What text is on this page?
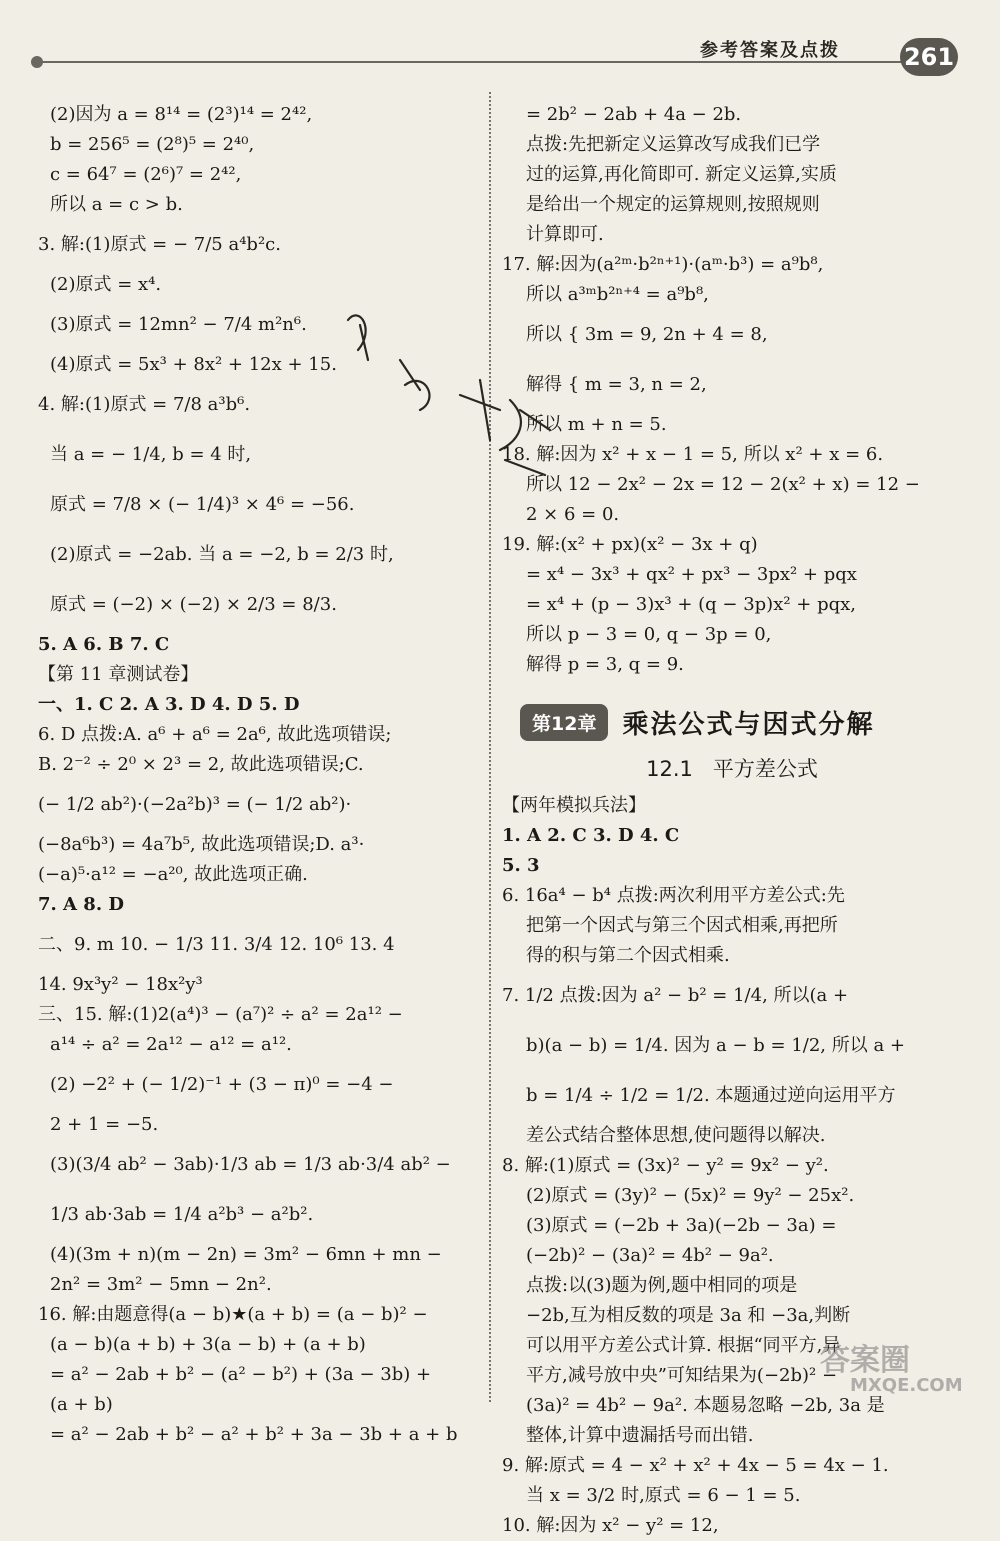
参考答案及点拨	261
(2)因为 a = 8¹⁴ = (2³)¹⁴ = 2⁴²,
b = 256⁵ = (2⁸)⁵ = 2⁴⁰,
c = 64⁷ = (2⁶)⁷ = 2⁴²,
所以 a = c > b.
3. 解:(1)原式 = − 7/5 a⁴b²c.
(2)原式 = x⁴.
(3)原式 = 12mn² − 7/4 m²n⁶.
(4)原式 = 5x³ + 8x² + 12x + 15.
4. 解:(1)原式 = 7/8 a³b⁶.
当 a = − 1/4, b = 4 时,
原式 = 7/8 × (− 1/4)³ × 4⁶ = −56.
(2)原式 = −2ab. 当 a = −2, b = 2/3 时,
原式 = (−2) × (−2) × 2/3 = 8/3.
5. A 6. B 7. C
【第 11 章测试卷】
一、1. C 2. A 3. D 4. D 5. D
6. D 点拨:A. a⁶ + a⁶ = 2a⁶, 故此选项错误;
B. 2⁻² ÷ 2⁰ × 2³ = 2, 故此选项错误;C.
(− 1/2 ab²)·(−2a²b)³ = (− 1/2 ab²)·
(−8a⁶b³) = 4a⁷b⁵, 故此选项错误;D. a³·
(−a)⁵·a¹² = −a²⁰, 故此选项正确.
7. A 8. D
二、9. m 10. − 1/3 11. 3/4 12. 10⁶ 13. 4
14. 9x³y² − 18x²y³
三、15. 解:(1)2(a⁴)³ − (a⁷)² ÷ a² = 2a¹² −
a¹⁴ ÷ a² = 2a¹² − a¹² = a¹².
(2) −2² + (− 1/2)⁻¹ + (3 − π)⁰ = −4 −
2 + 1 = −5.
(3)(3/4 ab² − 3ab)·1/3 ab = 1/3 ab·3/4 ab² −
1/3 ab·3ab = 1/4 a²b³ − a²b².
(4)(3m + n)(m − 2n) = 3m² − 6mn + mn −
2n² = 3m² − 5mn − 2n².
16. 解:由题意得(a − b)★(a + b) = (a − b)² −
(a − b)(a + b) + 3(a − b) + (a + b)
= a² − 2ab + b² − (a² − b²) + (3a − 3b) +
(a + b)
= a² − 2ab + b² − a² + b² + 3a − 3b + a + b
= 2b² − 2ab + 4a − 2b.
点拨:先把新定义运算改写成我们已学
过的运算,再化简即可. 新定义运算,实质
是给出一个规定的运算规则,按照规则
计算即可.
17. 解:因为(a²ᵐ·b²ⁿ⁺¹)·(aᵐ·b³) = a⁹b⁸,
所以 a³ᵐb²ⁿ⁺⁴ = a⁹b⁸,
所以 { 3m = 9, 2n + 4 = 8,
解得 { m = 3, n = 2,
所以 m + n = 5.
18. 解:因为 x² + x − 1 = 5, 所以 x² + x = 6.
所以 12 − 2x² − 2x = 12 − 2(x² + x) = 12 −
2 × 6 = 0.
19. 解:(x² + px)(x² − 3x + q)
= x⁴ − 3x³ + qx² + px³ − 3px² + pqx
= x⁴ + (p − 3)x³ + (q − 3p)x² + pqx,
所以 p − 3 = 0, q − 3p = 0,
解得 p = 3, q = 9.
第12章	乘法公式与因式分解
12.1 平方差公式
【两年模拟兵法】
1. A 2. C 3. D 4. C
5. 3
6. 16a⁴ − b⁴ 点拨:两次利用平方差公式:先
把第一个因式与第三个因式相乘,再把所
得的积与第二个因式相乘.
7. 1/2 点拨:因为 a² − b² = 1/4, 所以(a +
b)(a − b) = 1/4. 因为 a − b = 1/2, 所以 a +
b = 1/4 ÷ 1/2 = 1/2. 本题通过逆向运用平方
差公式结合整体思想,使问题得以解决.
8. 解:(1)原式 = (3x)² − y² = 9x² − y².
(2)原式 = (3y)² − (5x)² = 9y² − 25x².
(3)原式 = (−2b + 3a)(−2b − 3a) =
(−2b)² − (3a)² = 4b² − 9a².
点拨:以(3)题为例,题中相同的项是
−2b,互为相反数的项是 3a 和 −3a,判断
可以用平方差公式计算. 根据“同平方,异
平方,减号放中央”可知结果为(−2b)² −
(3a)² = 4b² − 9a². 本题易忽略 −2b, 3a 是
整体,计算中遗漏括号而出错.
9. 解:原式 = 4 − x² + x² + 4x − 5 = 4x − 1.
当 x = 3/2 时,原式 = 6 − 1 = 5.
10. 解:因为 x² − y² = 12,
答案圈
MXQE.COM
